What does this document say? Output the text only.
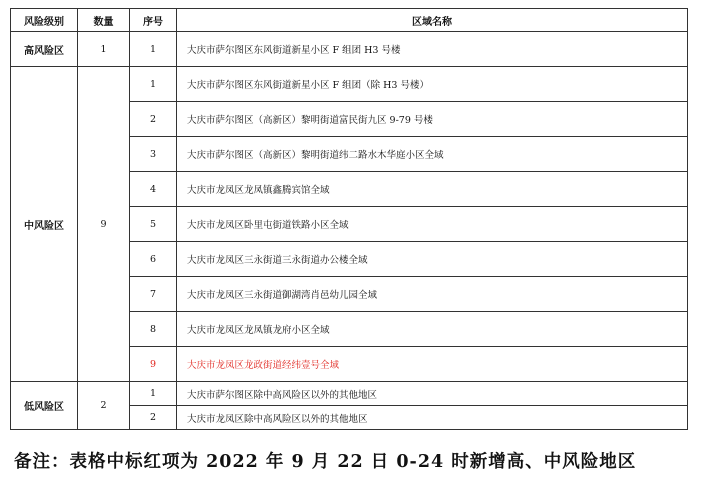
风险级别	数量	序号	区域名称
高风险区	1	1	大庆市萨尔图区东风街道新星小区 F 组团 H3 号楼
中风险区	9	1	大庆市萨尔图区东风街道新星小区 F 组团（除 H3 号楼）
		2	大庆市萨尔图区（高新区）黎明街道富民街九区 9-79 号楼
		3	大庆市萨尔图区（高新区）黎明街道纬二路水木华庭小区全域
		4	大庆市龙凤区龙凤镇鑫腾宾馆全域
		5	大庆市龙凤区卧里屯街道铁路小区全域
		6	大庆市龙凤区三永街道三永街道办公楼全域
		7	大庆市龙凤区三永街道御湖湾肖邑幼儿园全域
		8	大庆市龙凤区龙凤镇龙府小区全域
		9	大庆市龙凤区龙政街道经纬壹号全域
低风险区	2	1	大庆市萨尔图区除中高风险区以外的其他地区
		2	大庆市龙凤区除中高风险区以外的其他地区
备注：表格中标红项为 2022 年 9 月 22 日 0-24 时新增高、中风险地区
